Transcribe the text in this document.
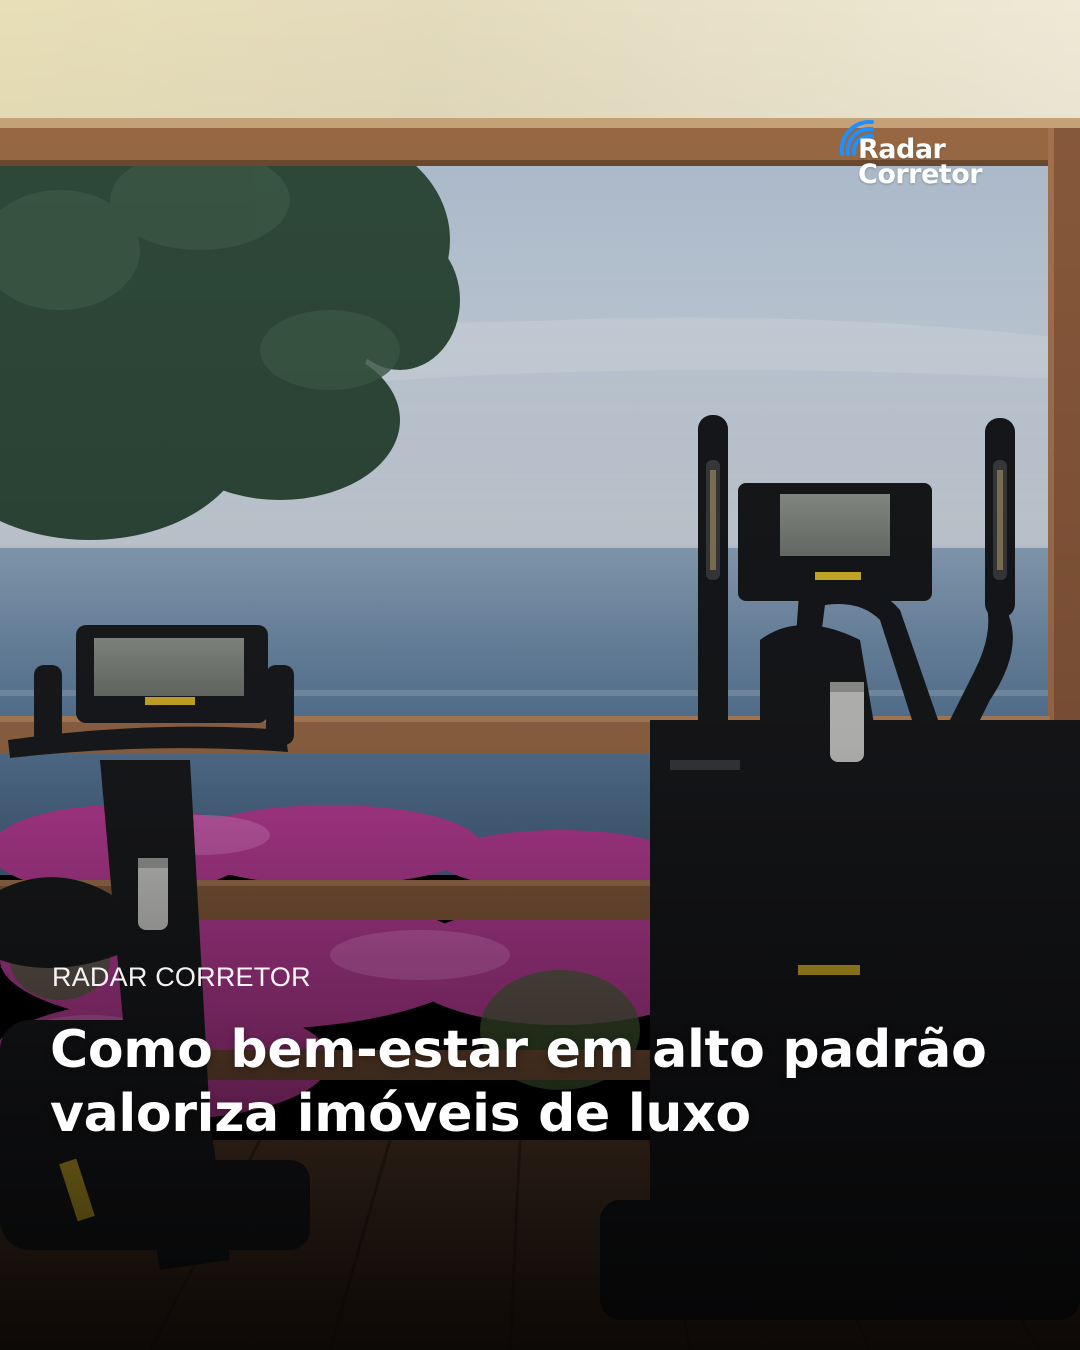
Radar
Corretor
RADAR CORRETOR
Como bem-estar em alto padrão
valoriza imóveis de luxo
